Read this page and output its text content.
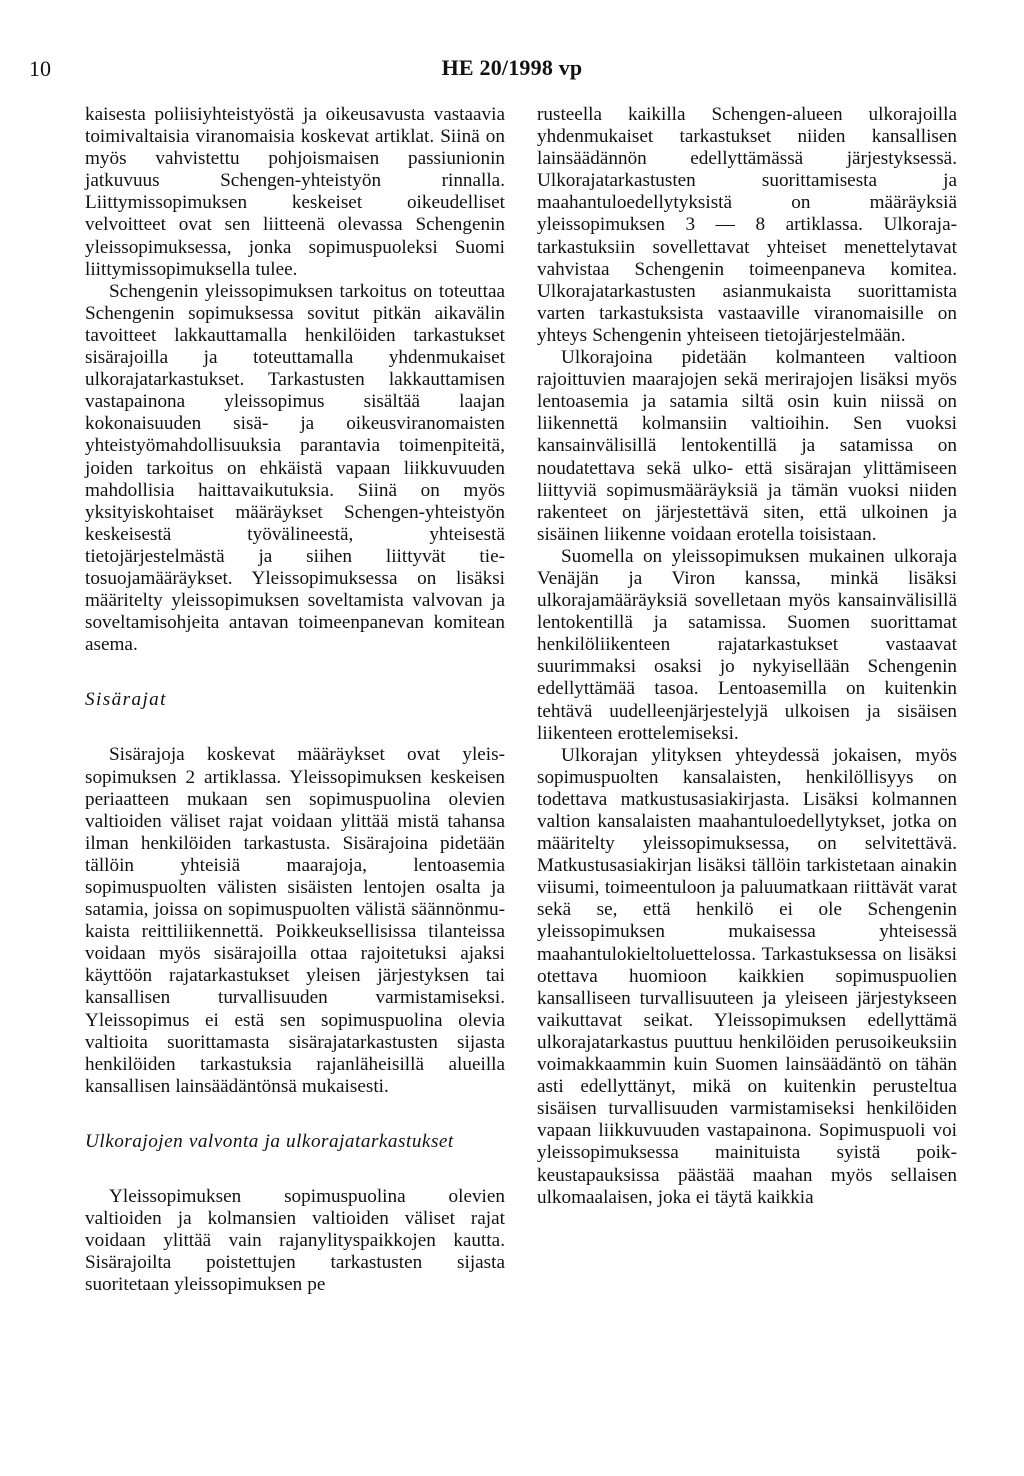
10	HE 20/1998 vp

kaisesta poliisiyhteistyöstä ja oikeusavusta vastaavia toimivaltaisia viranomaisia koskevat artiklat. Siinä on myös vahvistettu pohjoismaisen passiunionin jatkuvuus Schengen-yhteistyön rinnalla. Liittymissopimuksen keskeiset oikeudelliset velvoitteet ovat sen liitteenä olevassa Schengenin yleissopimuksessa, jonka sopimuspuoleksi Suomi liittymissopimuksella tulee.

Schengenin yleissopimuksen tarkoitus on toteuttaa Schengenin sopimuksessa sovitut pitkän aikavälin tavoitteet lakkauttamalla henkilöiden tarkastukset sisärajoilla ja toteuttamalla yhdenmukaiset ulkorajatarkastukset. Tarkastusten lakkauttamisen vastapainona yleissopimus sisältää laajan kokonaisuuden sisä- ja oikeusviranomaisten yhteistyömahdollisuuksia parantavia toimenpiteitä, joiden tarkoitus on ehkäistä vapaan liikkuvuuden mahdollisia haittavaikutuksia. Siinä on myös yksityiskohtaiset määräykset Schengen-yhteistyön keskeisestä työvälineestä, yhteisestä tietojärjestelmästä ja siihen liittyvät tietosuojamääräykset. Yleissopimuksessa on lisäksi määritelty yleissopimuksen soveltamista valvovan ja soveltamisohjeita antavan toimeenpanevan komitean asema.

Sisärajat

Sisärajoja koskevat määräykset ovat yleissopimuksen 2 artiklassa. Yleissopimuksen keskeisen periaatteen mukaan sen sopimuspuolina olevien valtioiden väliset rajat voidaan ylittää mistä tahansa ilman henkilöiden tarkastusta. Sisärajoina pidetään tällöin yhteisiä maarajoja, lentoasemia sopimuspuolten välisten sisäisten lentojen osalta ja satamia, joissa on sopimuspuolten välistä säännönmukaista reittiliikennettä. Poikkeuksellisissa tilanteissa voidaan myös sisärajoilla ottaa rajoitetuksi ajaksi käyttöön rajatarkastukset yleisen järjestyksen tai kansallisen turvallisuuden varmistamiseksi. Yleissopimus ei estä sen sopimuspuolina olevia valtioita suorittamasta sisärajatarkastusten sijasta henkilöiden tarkastuksia rajanläheisillä alueilla kansallisen lainsäädäntönsä mukaisesti.

Ulkorajojen valvonta ja ulkorajatarkastukset

Yleissopimuksen sopimuspuolina olevien valtioiden ja kolmansien valtioiden väliset rajat voidaan ylittää vain rajanylityspaikkojen kautta. Sisärajoilta poistettujen tarkastusten sijasta suoritetaan yleissopimuksen pe

rusteella kaikilla Schengen-alueen ulkorajoilla yhdenmukaiset tarkastukset niiden kansallisen lainsäädännön edellyttämässä järjestyksessä. Ulkorajatarkastusten suorittamisesta ja maahantuloedellytyksistä on määräyksiä yleissopimuksen 3 — 8 artiklassa. Ulkorajatarkastuksiin sovellettavat yhteiset menettelytavat vahvistaa Schengenin toimeenpaneva komitea. Ulkorajatarkastusten asianmukaista suorittamista varten tarkastuksista vastaaville viranomaisille on yhteys Schengenin yhteiseen tietojärjestelmään.

Ulkorajoina pidetään kolmanteen valtioon rajoittuvien maarajojen sekä merirajojen lisäksi myös lentoasemia ja satamia siltä osin kuin niissä on liikennettä kolmansiin valtioihin. Sen vuoksi kansainvälisillä lentokentillä ja satamissa on noudatettava sekä ulko- että sisärajan ylittämiseen liittyviä sopimusmääräyksiä ja tämän vuoksi niiden rakenteet on järjestettävä siten, että ulkoinen ja sisäinen liikenne voidaan erotella toisistaan.

Suomella on yleissopimuksen mukainen ulkoraja Venäjän ja Viron kanssa, minkä lisäksi ulkorajamääräyksiä sovelletaan myös kansainvälisillä lentokentillä ja satamissa. Suomen suorittamat henkilöliikenteen rajatarkastukset vastaavat suurimmaksi osaksi jo nykyisellään Schengenin edellyttämää tasoa. Lentoasemilla on kuitenkin tehtävä uudelleenjärjestelyjä ulkoisen ja sisäisen liikenteen erottelemiseksi.

Ulkorajan ylityksen yhteydessä jokaisen, myös sopimuspuolten kansalaisten, henkilöllisyys on todettava matkustusasiakirjasta. Lisäksi kolmannen valtion kansalaisten maahantuloedellytykset, jotka on määritelty yleissopimuksessa, on selvitettävä. Matkustusasiakirjan lisäksi tällöin tarkistetaan ainakin viisumi, toimeentuloon ja paluumatkaan riittävät varat sekä se, että henkilö ei ole Schengenin yleissopimuksen mukaisessa yhteisessä maahantulokieltoluettelossa. Tarkastuksessa on lisäksi otettava huomioon kaikkien sopimuspuolien kansalliseen turvallisuuteen ja yleiseen järjestykseen vaikuttavat seikat. Yleissopimuksen edellyttämä ulkorajatarkastus puuttuu henkilöiden perusoikeuksiin voimakkaammin kuin Suomen lainsäädäntö on tähän asti edellyttänyt, mikä on kuitenkin perusteltua sisäisen turvallisuuden varmistamiseksi henkilöiden vapaan liikkuvuuden vastapainona. Sopimuspuoli voi yleissopimuksessa mainituista syistä poikkeustapauksissa päästää maahan myös sellaisen ulkomaalaisen, joka ei täytä kaikkia
